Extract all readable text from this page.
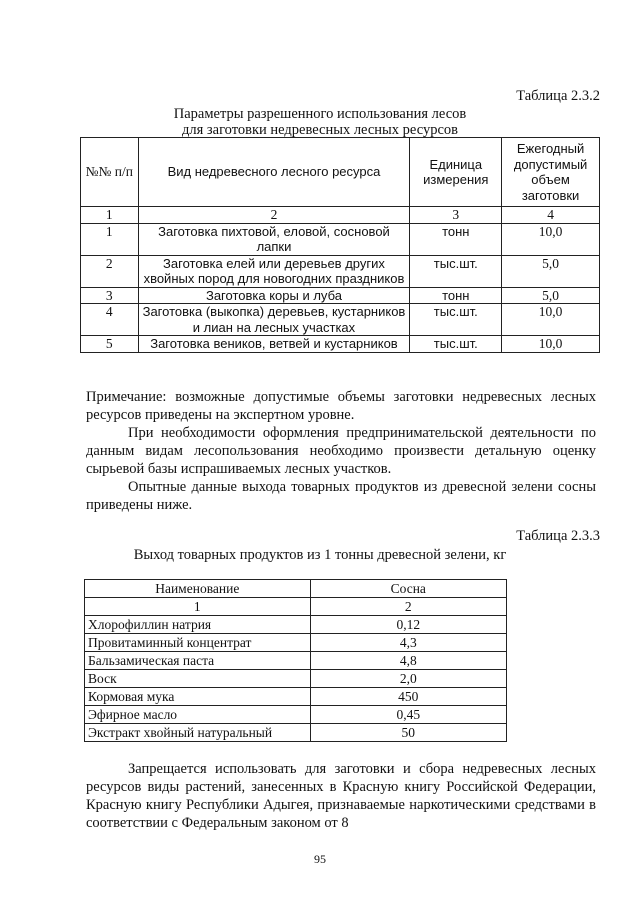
Таблица 2.3.2
Параметры разрешенного использования лесов
для заготовки недревесных лесных ресурсов
№№ п/п	Вид недревесного лесного ресурса	Единица измерения	Ежегодный допустимый объем заготовки
1	2	3	4
1	Заготовка пихтовой, еловой, сосновой лапки	тонн	10,0
2	Заготовка елей или деревьев других хвойных пород для новогодних праздников	тыс.шт.	5,0
3	Заготовка коры и луба	тонн	5,0
4	Заготовка (выкопка) деревьев, кустарников и лиан на лесных участках	тыс.шт.	10,0
5	Заготовка веников, ветвей и кустарников	тыс.шт.	10,0
Примечание: возможные допустимые объемы заготовки недревесных лесных ресурсов приведены на экспертном уровне.
При необходимости оформления предпринимательской деятельности по данным видам лесопользования необходимо произвести детальную оценку сырьевой базы испрашиваемых лесных участков.
Опытные данные выхода товарных продуктов из древесной зелени сосны приведены ниже.
Таблица 2.3.3
Выход товарных продуктов из 1 тонны древесной зелени, кг
Наименование	Сосна
1	2
Хлорофиллин натрия	0,12
Провитаминный концентрат	4,3
Бальзамическая паста	4,8
Воск	2,0
Кормовая мука	450
Эфирное масло	0,45
Экстракт хвойный натуральный	50
Запрещается использовать для заготовки и сбора недревесных лесных ресурсов виды растений, занесенных в Красную книгу Российской Федерации, Красную книгу Республики Адыгея, признаваемые наркотическими средствами в соответствии с Федеральным законом от 8
95
